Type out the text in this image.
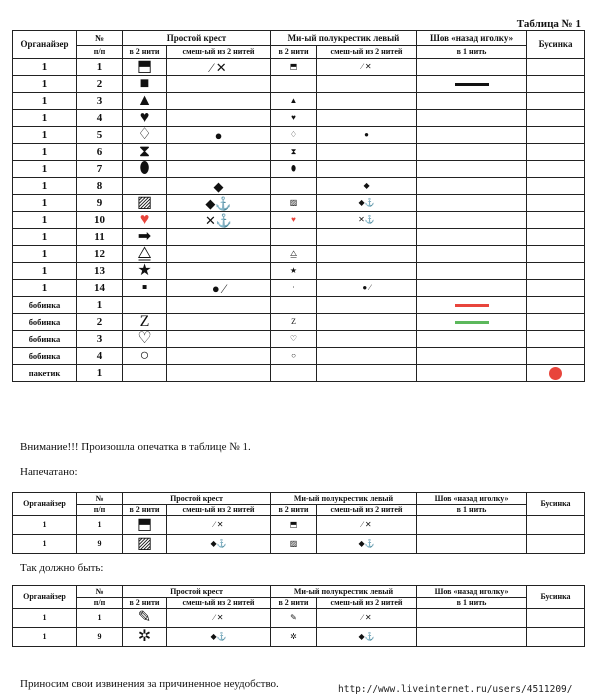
Таблица № 1
Органайзер	№	Простой крест		Ми-ый полукрестик левый		Шов «назад иголку»	Бусинка
	п/п	в 2 нити	смеш-ый из 2 нитей	в 2 нити	смеш-ый из 2 нитей	в 1 нить	
1	1	⬒	⁄ ✕	⬒	⁄ ✕		
1	2	■					
1	3	▲		▲			
1	4	♥		♥			
1	5	♢	●	♢	●		
1	6	⧗		⧗			
1	7	⬮		⬮			
1	8		◆		◆		
1	9	▨	◆⚓	▨	◆⚓		
1	10	♥	✕⚓	♥	✕⚓		
1	11	➡					
1	12	⧋		⧋			
1	13	★		★			
1	14	▪	● ⁄	·	● ⁄		
бобинка	1						
бобинка	2	Z		Z			
бобинка	3	♡		♡			
бобинка	4	○		○			
пакетик	1						
Внимание!!! Произошла опечатка в таблице № 1.
Напечатано:
Органайзер	№	Простой крест		Ми-ый полукрестик левый		Шов «назад иголку»	Бусинка
	п/п	в 2 нити	смеш-ый из 2 нитей	в 2 нити	смеш-ый из 2 нитей	в 1 нить	
1	1	⬒	⁄ ✕	⬒	⁄ ✕		
1	9	▨	◆⚓	▨	◆⚓		
Так должно быть:
Органайзер	№	Простой крест		Ми-ый полукрестик левый		Шов «назад иголку»	Бусинка
	п/п	в 2 нити	смеш-ый из 2 нитей	в 2 нити	смеш-ый из 2 нитей	в 1 нить	
1	1	✎	⁄ ✕	✎	⁄ ✕		
1	9	✲	◆⚓	✲	◆⚓		
Приносим свои извинения за причиненное неудобство.	http://www.liveinternet.ru/users/4511209/
